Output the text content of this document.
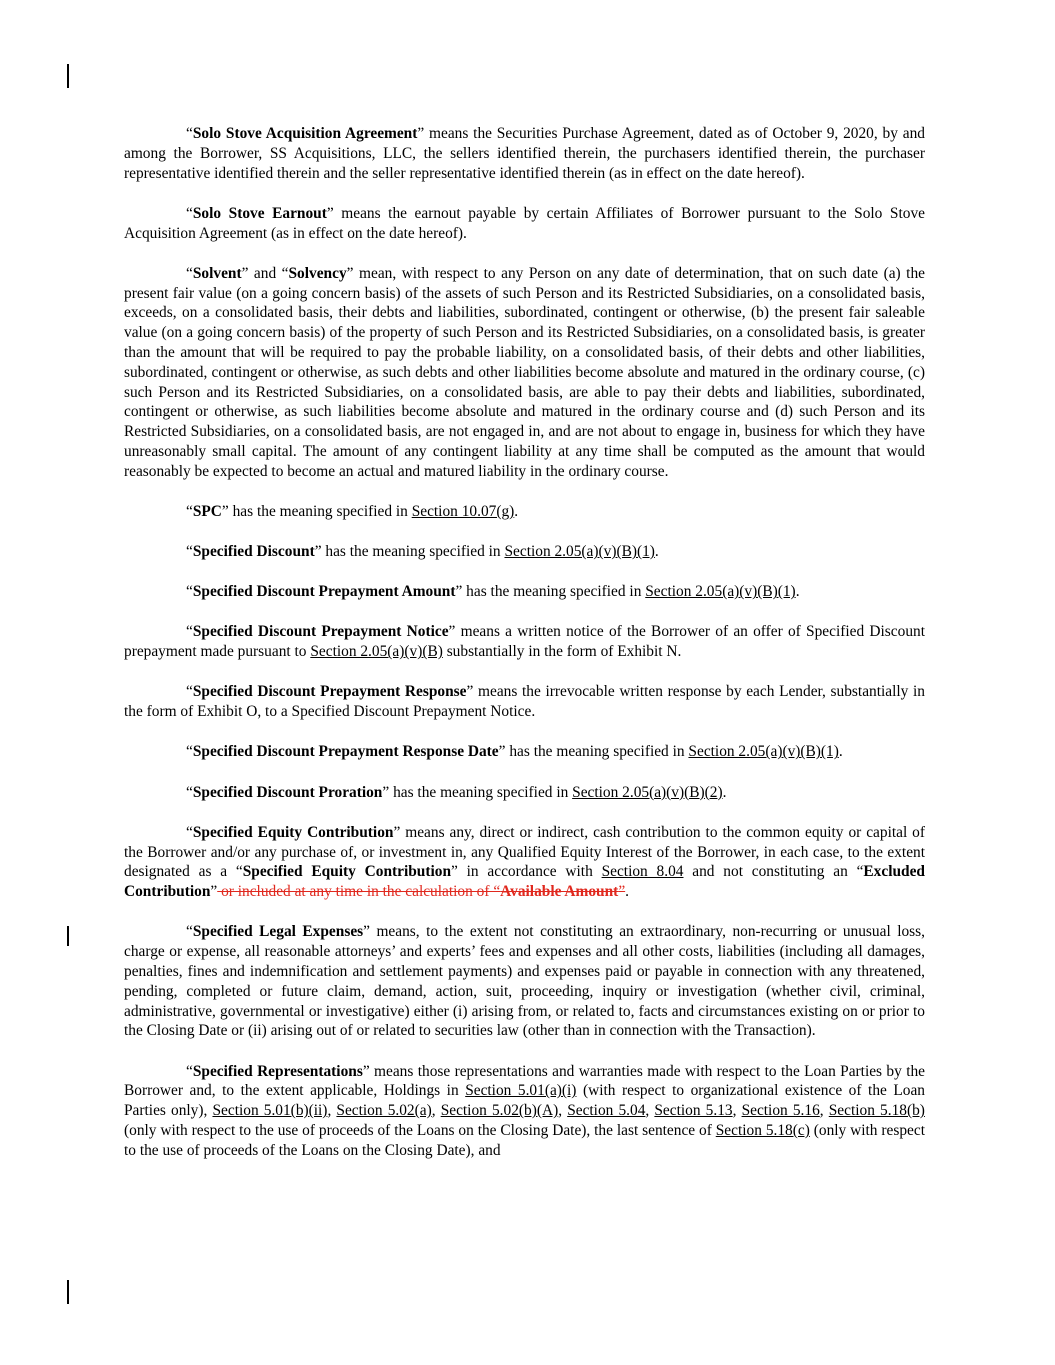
“Solo Stove Acquisition Agreement” means the Securities Purchase Agreement, dated as of October 9, 2020, by and among the Borrower, SS Acquisitions, LLC, the sellers identified therein, the purchasers identified therein, the purchaser representative identified therein and the seller representative identified therein (as in effect on the date hereof).

“Solo Stove Earnout” means the earnout payable by certain Affiliates of Borrower pursuant to the Solo Stove Acquisition Agreement (as in effect on the date hereof).

“Solvent” and “Solvency” mean, with respect to any Person on any date of determination, that on such date (a) the present fair value (on a going concern basis) of the assets of such Person and its Restricted Subsidiaries, on a consolidated basis, exceeds, on a consolidated basis, their debts and liabilities, subordinated, contingent or otherwise, (b) the present fair saleable value (on a going concern basis) of the property of such Person and its Restricted Subsidiaries, on a consolidated basis, is greater than the amount that will be required to pay the probable liability, on a consolidated basis, of their debts and other liabilities, subordinated, contingent or otherwise, as such debts and other liabilities become absolute and matured in the ordinary course, (c) such Person and its Restricted Subsidiaries, on a consolidated basis, are able to pay their debts and liabilities, subordinated, contingent or otherwise, as such liabilities become absolute and matured in the ordinary course and (d) such Person and its Restricted Subsidiaries, on a consolidated basis, are not engaged in, and are not about to engage in, business for which they have unreasonably small capital. The amount of any contingent liability at any time shall be computed as the amount that would reasonably be expected to become an actual and matured liability in the ordinary course.

“SPC” has the meaning specified in Section 10.07(g).

“Specified Discount” has the meaning specified in Section 2.05(a)(v)(B)(1).

“Specified Discount Prepayment Amount” has the meaning specified in Section 2.05(a)(v)(B)(1).

“Specified Discount Prepayment Notice” means a written notice of the Borrower of an offer of Specified Discount prepayment made pursuant to Section 2.05(a)(v)(B) substantially in the form of Exhibit N.

“Specified Discount Prepayment Response” means the irrevocable written response by each Lender, substantially in the form of Exhibit O, to a Specified Discount Prepayment Notice.

“Specified Discount Prepayment Response Date” has the meaning specified in Section 2.05(a)(v)(B)(1).

“Specified Discount Proration” has the meaning specified in Section 2.05(a)(v)(B)(2).

“Specified Equity Contribution” means any, direct or indirect, cash contribution to the common equity or capital of the Borrower and/or any purchase of, or investment in, any Qualified Equity Interest of the Borrower, in each case, to the extent designated as a “Specified Equity Contribution” in accordance with Section 8.04 and not constituting an “Excluded Contribution” or included at any time in the calculation of “Available Amount”.

“Specified Legal Expenses” means, to the extent not constituting an extraordinary, non-recurring or unusual loss, charge or expense, all reasonable attorneys’ and experts’ fees and expenses and all other costs, liabilities (including all damages, penalties, fines and indemnification and settlement payments) and expenses paid or payable in connection with any threatened, pending, completed or future claim, demand, action, suit, proceeding, inquiry or investigation (whether civil, criminal, administrative, governmental or investigative) either (i) arising from, or related to, facts and circumstances existing on or prior to the Closing Date or (ii) arising out of or related to securities law (other than in connection with the Transaction).

“Specified Representations” means those representations and warranties made with respect to the Loan Parties by the Borrower and, to the extent applicable, Holdings in Section 5.01(a)(i) (with respect to organizational existence of the Loan Parties only), Section 5.01(b)(ii), Section 5.02(a), Section 5.02(b)(A), Section 5.04, Section 5.13, Section 5.16, Section 5.18(b) (only with respect to the use of proceeds of the Loans on the Closing Date), the last sentence of Section 5.18(c) (only with respect to the use of proceeds of the Loans on the Closing Date), and
